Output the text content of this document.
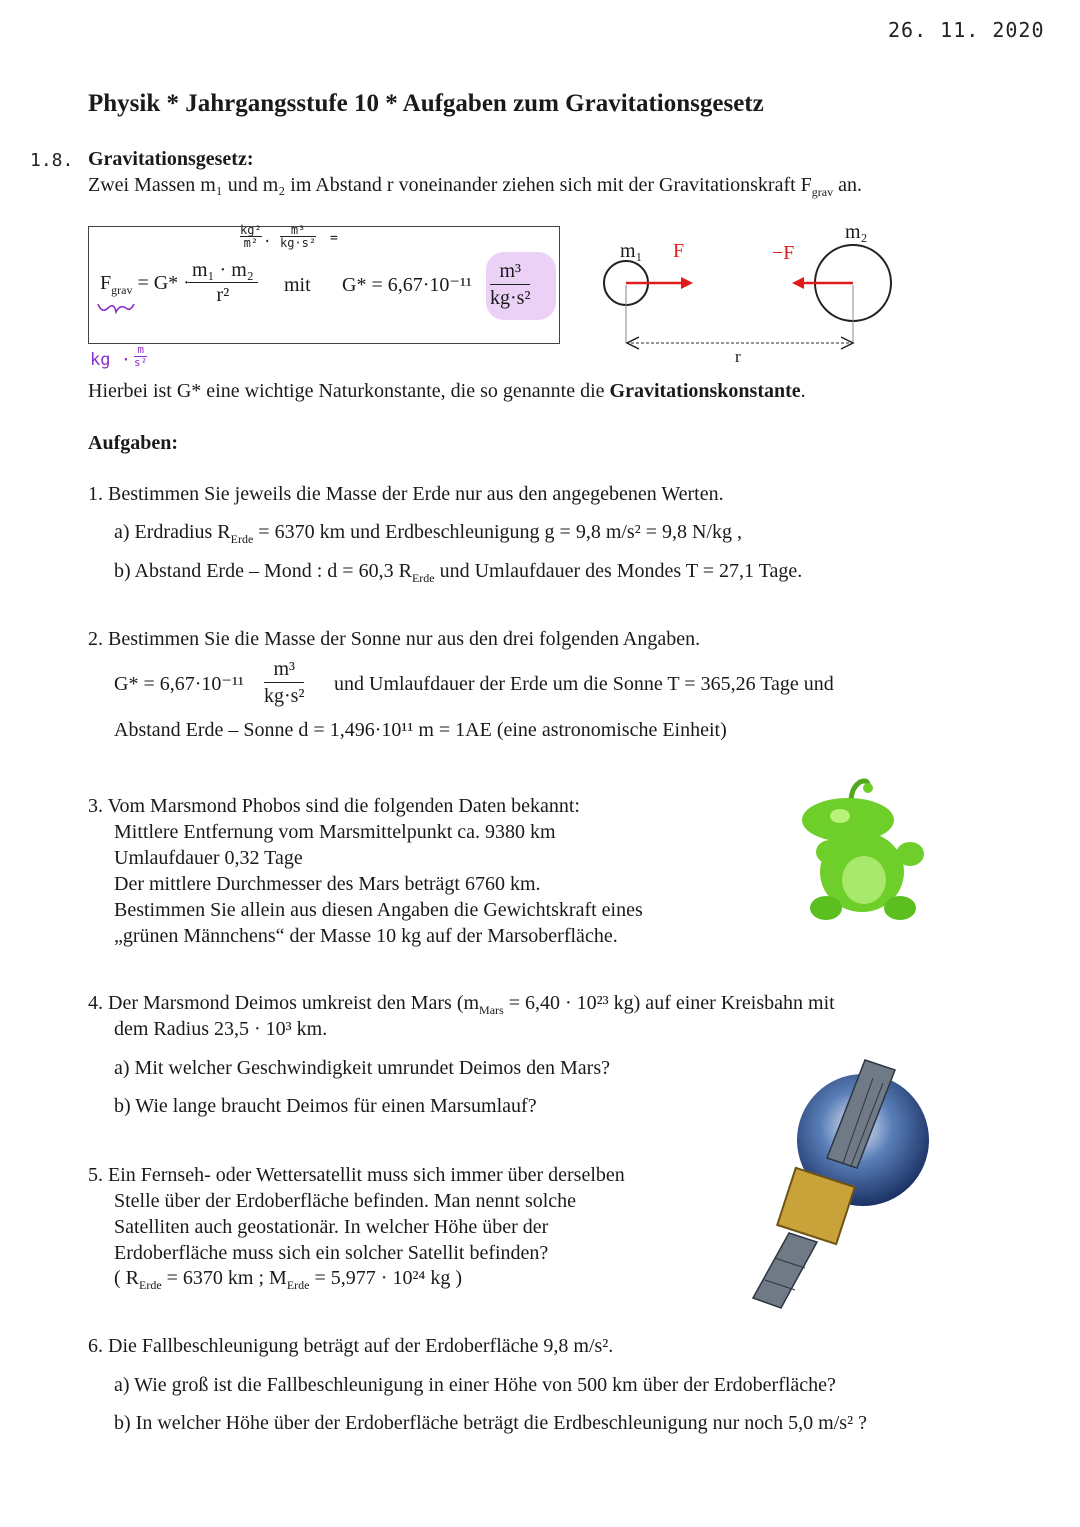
26. 11. 2020
Physik * Jahrgangsstufe 10 * Aufgaben zum Gravitationsgesetz
1.8. Gravitationsgesetz:
Zwei Massen m₁ und m₂ im Abstand r voneinander ziehen sich mit der Gravitationskraft $F_{grav}$ an.
$\frac{\text{kg²}}{\text{m²}} \cdot \frac{\text{m³}}{\text{kg·s²}}$ =
$F_{grav} = G*$ ·
$\frac{\text{m₁ · m₂}}{\text{r²}}$ mit $G* = 6,67\cdot 10^{-11} \frac{\text{m³}}{\text{kg·s²}}$
kg · $\frac{m}{\text{s²}}$
m₁ F	−F
m₂
r
Hierbei ist G* eine wichtige Naturkonstante, die so genannte die Gravitationskonstante.
Aufgaben:
1. Bestimmen Sie jeweils die Masse der Erde nur aus den angegebenen Werten.
a) Erdradius $R_{Erde} = 6370$ km und Erdbeschleunigung g = 9,8 m/s² = 9,8 N/kg ,
b) Abstand Erde – Mond : d = 60,3 $R_{Erde}$ und Umlaufdauer des Mondes T = 27,1 Tage.
2. Bestimmen Sie die Masse der Sonne nur aus den drei folgenden Angaben.
$G* = 6,67\cdot 10^{-11} \frac{\text{m³}}{\text{kg·s²}}$ und Umlaufdauer der Erde um die Sonne T = 365,26 Tage und
Abstand Erde – Sonne d = 1,496·10¹¹ m = 1AE (eine astronomische Einheit)
3. Vom Marsmond Phobos sind die folgenden Daten bekannt:
Mittlere Entfernung vom Marsmittelpunkt ca. 9380 km
Umlaufdauer 0,32 Tage
Der mittlere Durchmesser des Mars beträgt 6760 km.
Bestimmen Sie allein aus diesen Angaben die Gewichtskraft eines
„grünen Männchens“ der Masse 10 kg auf der Marsoberfläche.
4. Der Marsmond Deimos umkreist den Mars ($m_{Mars} = 6,40 \cdot 10^{23}$ kg) auf einer Kreisbahn mit
dem Radius 23,5 · 10³ km.
a) Mit welcher Geschwindigkeit umrundet Deimos den Mars?
b) Wie lange braucht Deimos für einen Marsumlauf?
5. Ein Fernseh- oder Wettersatellit muss sich immer über derselben
Stelle über der Erdoberfläche befinden. Man nennt solche
Satelliten auch geostationär. In welcher Höhe über der
Erdoberfläche muss sich ein solcher Satellit befinden?
( $R_{Erde} = 6370$ km ; $M_{Erde} = 5,977 \cdot 10^{24}$ kg )
6. Die Fallbeschleunigung beträgt auf der Erdoberfläche 9,8 m/s².
a) Wie groß ist die Fallbeschleunigung in einer Höhe von 500 km über der Erdoberfläche?
b) In welcher Höhe über der Erdoberfläche beträgt die Erdbeschleunigung nur noch 5,0 m/s² ?
